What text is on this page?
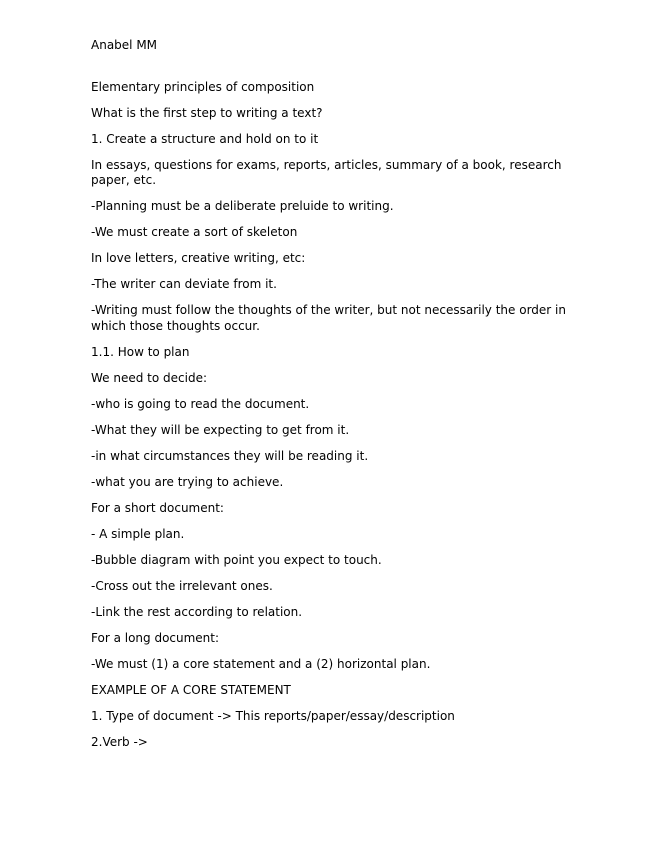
Anabel MM

Elementary principles of composition

What is the first step to writing a text?

1. Create a structure and hold on to it

In essays, questions for exams, reports, articles, summary of a book, research paper, etc.

-Planning must be a deliberate preluide to writing.

-We must create a sort of skeleton

In love letters, creative writing, etc:

-The writer can deviate from it.

-Writing must follow the thoughts of the writer, but not necessarily the order in which those thoughts occur.

1.1. How to plan

We need to decide:

-who is going to read the document.

-What they will be expecting to get from it.

-in what circumstances they will be reading it.

-what you are trying to achieve.

For a short document:

- A simple plan.

-Bubble diagram with point you expect to touch.

-Cross out the irrelevant ones.

-Link the rest according to relation.

For a long document:

-We must (1) a core statement and a (2) horizontal plan.

EXAMPLE OF A CORE STATEMENT

1. Type of document -> This reports/paper/essay/description

2.Verb ->
